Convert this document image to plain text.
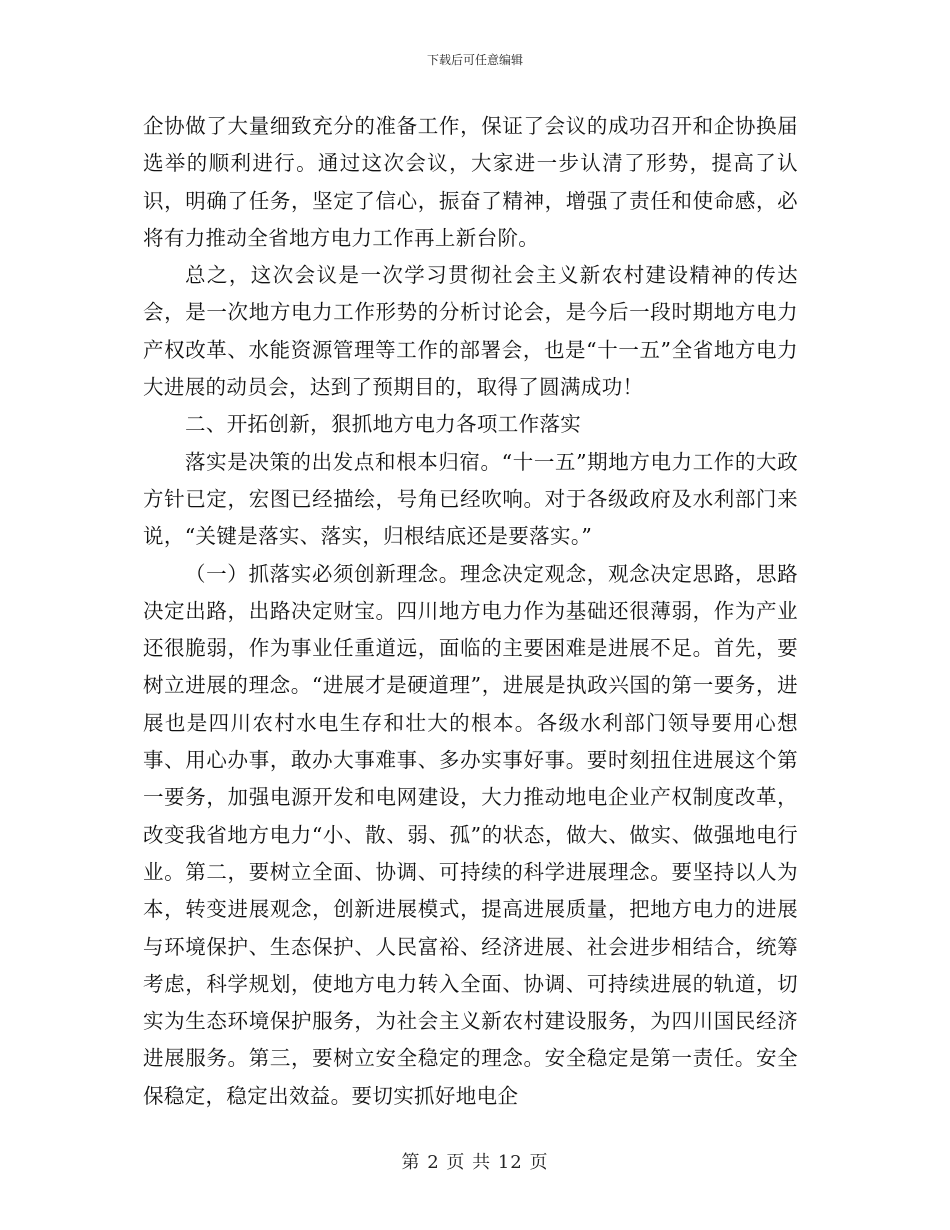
下载后可任意编辑

企协做了大量细致充分的准备工作，保证了会议的成功召开和企协换届选举的顺利进行。通过这次会议，大家进一步认清了形势，提高了认识，明确了任务，坚定了信心，振奋了精神，增强了责任和使命感，必将有力推动全省地方电力工作再上新台阶。

总之，这次会议是一次学习贯彻社会主义新农村建设精神的传达会，是一次地方电力工作形势的分析讨论会，是今后一段时期地方电力产权改革、水能资源管理等工作的部署会，也是“十一五”全省地方电力大进展的动员会，达到了预期目的，取得了圆满成功！

二、开拓创新，狠抓地方电力各项工作落实

落实是决策的出发点和根本归宿。“十一五”期地方电力工作的大政方针已定，宏图已经描绘，号角已经吹响。对于各级政府及水利部门来说，“关键是落实、落实，归根结底还是要落实。”

（一）抓落实必须创新理念。理念决定观念，观念决定思路，思路决定出路，出路决定财宝。四川地方电力作为基础还很薄弱，作为产业还很脆弱，作为事业任重道远，面临的主要困难是进展不足。首先，要树立进展的理念。“进展才是硬道理”，进展是执政兴国的第一要务，进展也是四川农村水电生存和壮大的根本。各级水利部门领导要用心想事、用心办事，敢办大事难事、多办实事好事。要时刻扭住进展这个第一要务，加强电源开发和电网建设，大力推动地电企业产权制度改革，改变我省地方电力“小、散、弱、孤”的状态，做大、做实、做强地电行业。第二，要树立全面、协调、可持续的科学进展理念。要坚持以人为本，转变进展观念，创新进展模式，提高进展质量，把地方电力的进展与环境保护、生态保护、人民富裕、经济进展、社会进步相结合，统筹考虑，科学规划，使地方电力转入全面、协调、可持续进展的轨道，切实为生态环境保护服务，为社会主义新农村建设服务，为四川国民经济进展服务。第三，要树立安全稳定的理念。安全稳定是第一责任。安全保稳定，稳定出效益。要切实抓好地电企

第 2 页 共 12 页
